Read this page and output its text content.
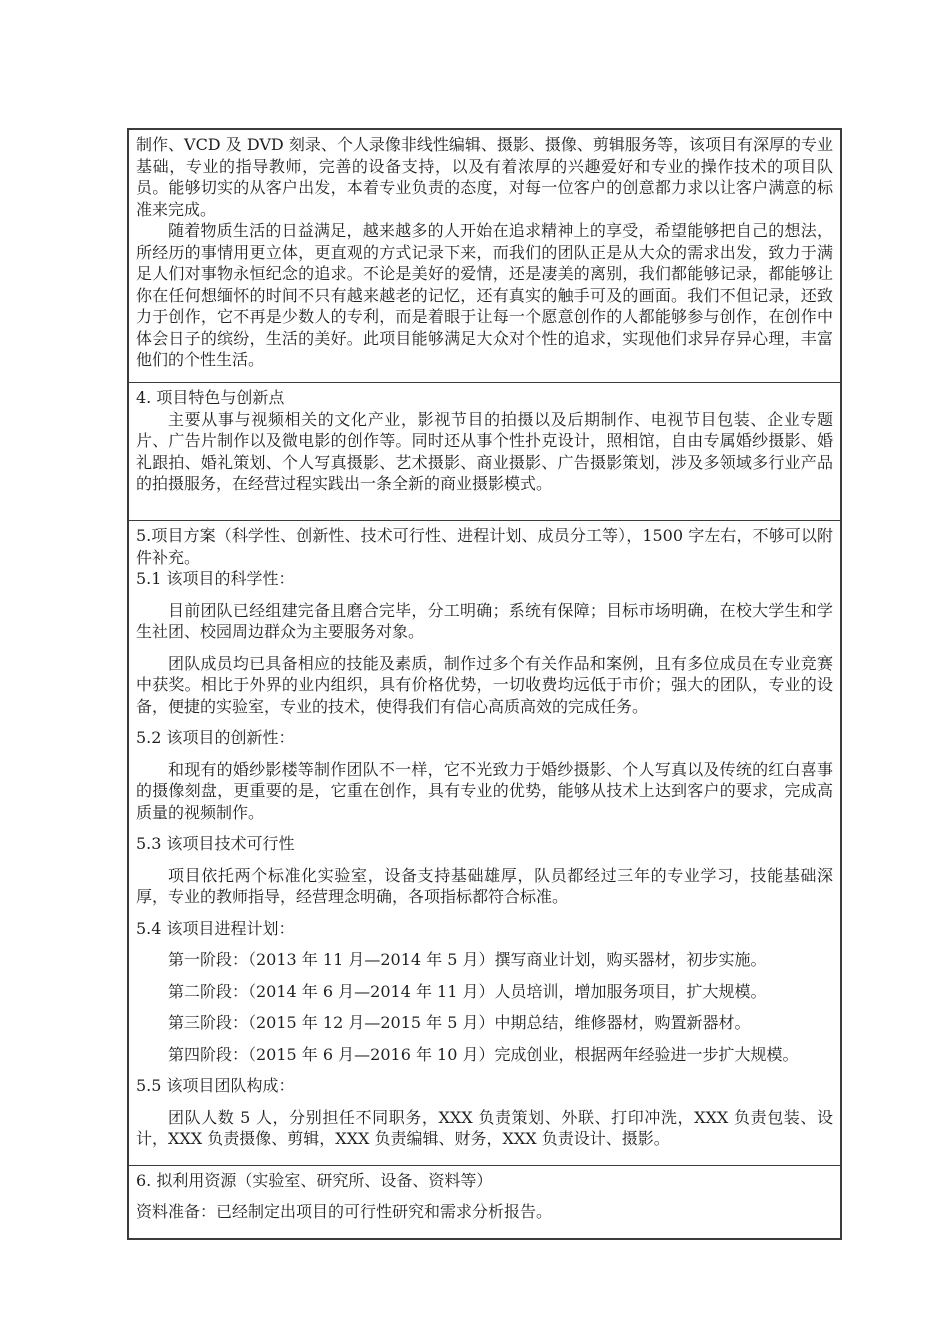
制作、VCD 及 DVD 刻录、个人录像非线性编辑、摄影、摄像、剪辑服务等，该项目有深厚的专业基础，专业的指导教师，完善的设备支持，以及有着浓厚的兴趣爱好和专业的操作技术的项目队员。能够切实的从客户出发，本着专业负责的态度，对每一位客户的创意都力求以让客户满意的标准来完成。

随着物质生活的日益满足，越来越多的人开始在追求精神上的享受，希望能够把自己的想法，所经历的事情用更立体，更直观的方式记录下来，而我们的团队正是从大众的需求出发，致力于满足人们对事物永恒纪念的追求。不论是美好的爱情，还是凄美的离别，我们都能够记录，都能够让你在任何想缅怀的时间不只有越来越老的记忆，还有真实的触手可及的画面。我们不但记录，还致力于创作，它不再是少数人的专利，而是着眼于让每一个愿意创作的人都能够参与创作，在创作中体会日子的缤纷，生活的美好。此项目能够满足大众对个性的追求，实现他们求异存异心理，丰富他们的个性生活。

4. 项目特色与创新点

主要从事与视频相关的文化产业，影视节目的拍摄以及后期制作、电视节目包装、企业专题片、广告片制作以及微电影的创作等。同时还从事个性扑克设计，照相馆，自由专属婚纱摄影、婚礼跟拍、婚礼策划、个人写真摄影、艺术摄影、商业摄影、广告摄影策划，涉及多领域多行业产品的拍摄服务，在经营过程实践出一条全新的商业摄影模式。

5.项目方案（科学性、创新性、技术可行性、进程计划、成员分工等），1500 字左右，不够可以附件补充。

5.1 该项目的科学性：

目前团队已经组建完备且磨合完毕，分工明确；系统有保障；目标市场明确，在校大学生和学生社团、校园周边群众为主要服务对象。

团队成员均已具备相应的技能及素质，制作过多个有关作品和案例，且有多位成员在专业竞赛中获奖。相比于外界的业内组织，具有价格优势，一切收费均远低于市价；强大的团队，专业的设备，便捷的实验室，专业的技术，使得我们有信心高质高效的完成任务。

5.2 该项目的创新性：

和现有的婚纱影楼等制作团队不一样，它不光致力于婚纱摄影、个人写真以及传统的红白喜事的摄像刻盘，更重要的是，它重在创作，具有专业的优势，能够从技术上达到客户的要求，完成高质量的视频制作。

5.3 该项目技术可行性

项目依托两个标准化实验室，设备支持基础雄厚，队员都经过三年的专业学习，技能基础深厚，专业的教师指导，经营理念明确，各项指标都符合标准。

5.4 该项目进程计划：

第一阶段：（2013 年 11 月—2014 年 5 月）撰写商业计划，购买器材，初步实施。

第二阶段：（2014 年 6 月—2014 年 11 月）人员培训，增加服务项目，扩大规模。

第三阶段：（2015 年 12 月—2015 年 5 月）中期总结，维修器材，购置新器材。

第四阶段：（2015 年 6 月—2016 年 10 月）完成创业，根据两年经验进一步扩大规模。

5.5 该项目团队构成：

团队人数 5 人，分别担任不同职务，XXX 负责策划、外联、打印冲洗，XXX 负责包装、设计，XXX 负责摄像、剪辑，XXX 负责编辑、财务，XXX 负责设计、摄影。

6. 拟利用资源（实验室、研究所、设备、资料等）

资料准备：已经制定出项目的可行性研究和需求分析报告。
